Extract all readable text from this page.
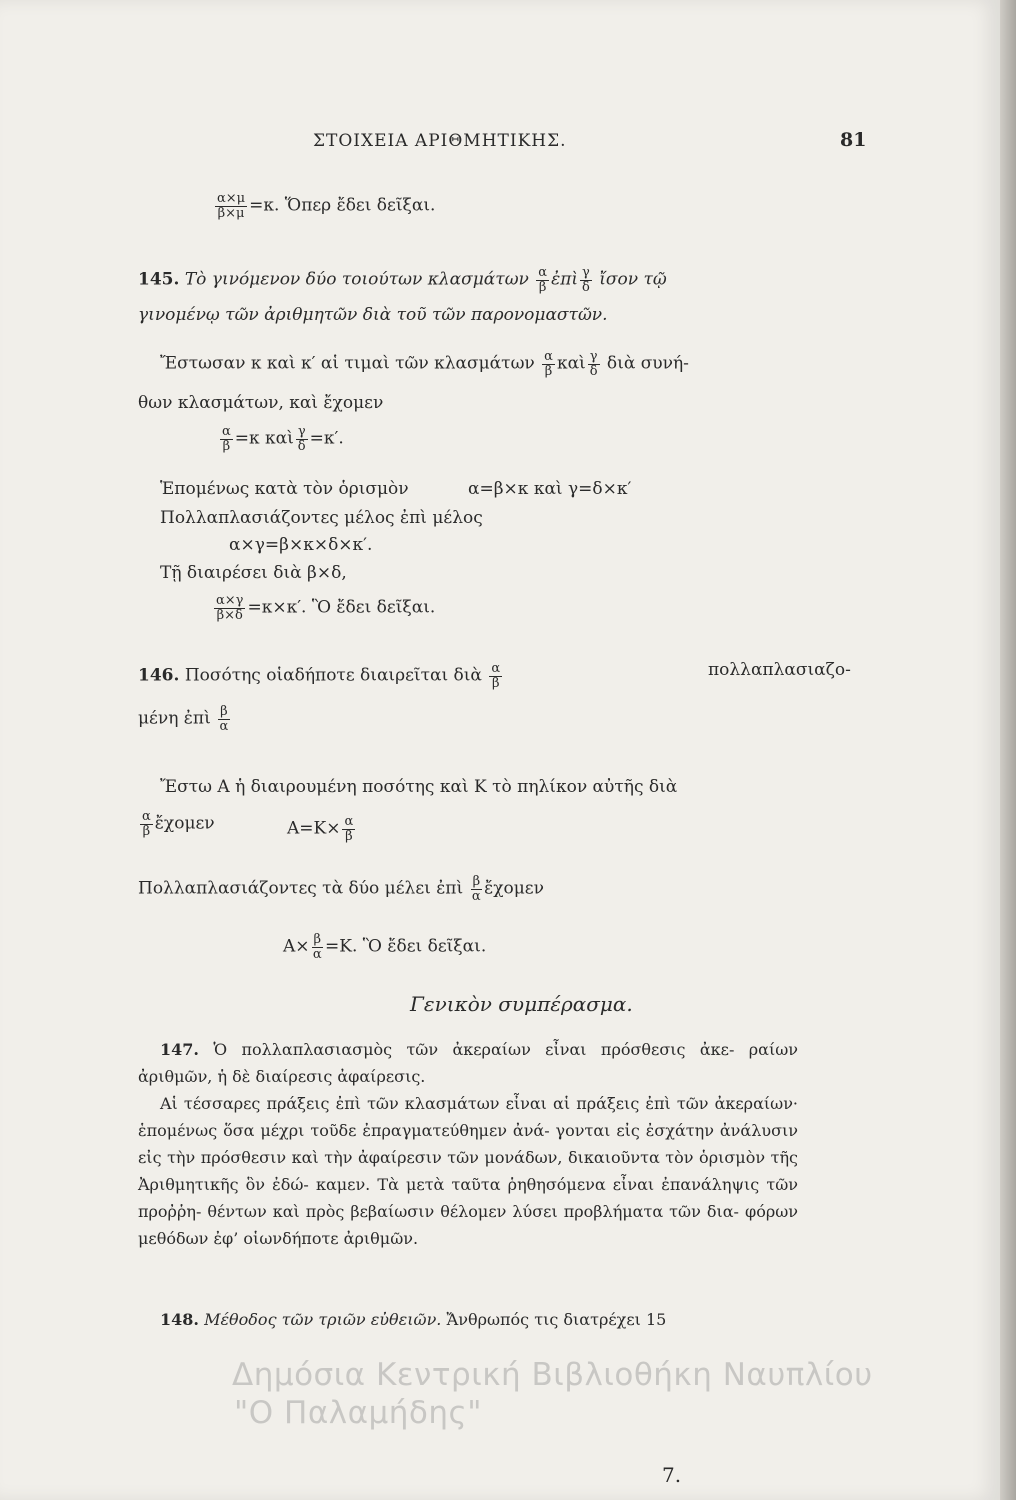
ΣΤΟΙΧΕΙΑ ΑΡΙΘΜΗΤΙΚΗΣ.	81
$\frac{\alpha\times\mu}{\beta\times\mu} =\kappa$. Ὅπερ ἔδει δεῖξαι.
145. Τὸ γινόμενον δύο τοιούτων κλασμάτων $\frac{\alpha}{\beta}$ ἐπὶ $\frac{\gamma}{\delta}$ ἴσον τῷ
γινομένῳ τῶν ἀριθμητῶν διὰ τοῦ τῶν παρονομαστῶν.
Ἔστωσαν κ καὶ κ′ αἱ τιμαὶ τῶν κλασμάτων $\frac{\alpha}{\beta}$ καὶ $\frac{\gamma}{\delta}$ διὰ συνή-
θων κλασμάτων, καὶ ἔχομεν
$\frac{\alpha}{\beta} =\kappa$ καὶ $\frac{\gamma}{\delta} =\kappa'$.
Ἑπομένως κατὰ τὸν ὁρισμὸν	α=β×κ καὶ γ=δ×κ′
Πολλαπλασιάζοντες μέλος ἐπὶ μέλος
α×γ=β×κ×δ×κ′.
Τῇ διαιρέσει διὰ β×δ,
$\frac{\alpha\times\gamma}{\beta\times\delta} =\kappa\times\kappa'$. Ὃ ἔδει δεῖξαι.
146. Ποσότης οἱαδήποτε διαιρεῖται διὰ $\frac{\alpha}{\beta}$	πολλαπλασιαζο-
μένη ἐπὶ $\frac{\beta}{\alpha}$
Ἔστω Α ἡ διαιρουμένη ποσότης καὶ Κ τὸ πηλίκον αὐτῆς διὰ
$\frac{\alpha}{\beta}$ ἔχομεν	$A=K\times \frac{\alpha}{\beta}$
Πολλαπλασιάζοντες τὰ δύο μέλει ἐπὶ $\frac{\beta}{\alpha}$ ἔχομεν
$A\times \frac{\beta}{\alpha} =K$. Ὃ ἔδει δεῖξαι.
Γενικὸν συμπέρασμα.
147. Ὁ πολλαπλασιασμὸς τῶν ἀκεραίων εἶναι πρόσθεσις ἀκε- ραίων ἀριθμῶν, ἡ δὲ διαίρεσις ἀφαίρεσις.
Αἱ τέσσαρες πράξεις ἐπὶ τῶν κλασμάτων εἶναι αἱ πράξεις ἐπὶ τῶν ἀκεραίων· ἑπομένως ὅσα μέχρι τοῦδε ἐπραγματεύθημεν ἀνά- γονται εἰς ἐσχάτην ἀνάλυσιν εἰς τὴν πρόσθεσιν καὶ τὴν ἀφαίρεσιν τῶν μονάδων, δικαιοῦντα τὸν ὁρισμὸν τῆς Ἀριθμητικῆς ὃν ἐδώ- καμεν. Τὰ μετὰ ταῦτα ῥηθησόμενα εἶναι ἐπανάληψις τῶν προῤῥη- θέντων καὶ πρὸς βεβαίωσιν θέλομεν λύσει προβλήματα τῶν δια- φόρων μεθόδων ἐφ’ οἱωνδήποτε ἀριθμῶν.
148. Μέθοδος τῶν τριῶν εὐθειῶν. Ἄνθρωπός τις διατρέχει 15
Δημόσια Κεντρική Βιβλιοθήκη Ναυπλίου
"Ο Παλαμήδης"
7.
